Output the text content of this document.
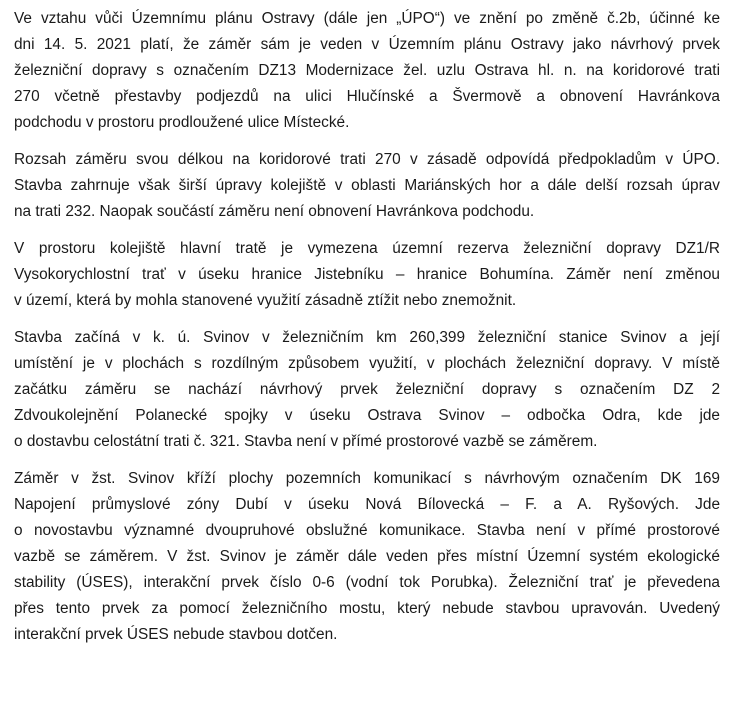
Ve vztahu vůči Územnímu plánu Ostravy (dále jen „ÚPO“) ve znění po změně č.2b, účinné ke
dni 14. 5. 2021 platí, že záměr sám je veden v Územním plánu Ostravy jako návrhový prvek
železniční dopravy s označením DZ13 Modernizace žel. uzlu Ostrava hl. n. na koridorové trati
270 včetně přestavby podjezdů na ulici Hlučínské a Švermově a obnovení Havránkova
podchodu v prostoru prodloužené ulice Místecké.

Rozsah záměru svou délkou na koridorové trati 270 v zásadě odpovídá předpokladům v ÚPO.
Stavba zahrnuje však širší úpravy kolejiště v oblasti Mariánských hor a dále delší rozsah úprav
na trati 232. Naopak součástí záměru není obnovení Havránkova podchodu.

V prostoru kolejiště hlavní tratě je vymezena územní rezerva železniční dopravy DZ1/R
Vysokorychlostní trať v úseku hranice Jistebníku – hranice Bohumína. Záměr není změnou
v území, která by mohla stanovené využití zásadně ztížit nebo znemožnit.

Stavba začíná v k. ú. Svinov v železničním km 260,399 železniční stanice Svinov a její
umístění je v plochách s rozdílným způsobem využití, v plochách železniční dopravy. V místě
začátku záměru se nachází návrhový prvek železniční dopravy s označením DZ 2
Zdvoukolejnění Polanecké spojky v úseku Ostrava Svinov – odbočka Odra, kde jde
o dostavbu celostátní trati č. 321. Stavba není v přímé prostorové vazbě se záměrem.

Záměr v žst. Svinov kříží plochy pozemních komunikací s návrhovým označením DK 169
Napojení průmyslové zóny Dubí v úseku Nová Bílovecká – F. a A. Ryšových. Jde
o novostavbu významné dvoupruhové obslužné komunikace. Stavba není v přímé prostorové
vazbě se záměrem. V žst. Svinov je záměr dále veden přes místní Územní systém ekologické
stability (ÚSES), interakční prvek číslo 0-6 (vodní tok Porubka). Železniční trať je převedena
přes tento prvek za pomocí železničního mostu, který nebude stavbou upravován. Uvedený
interakční prvek ÚSES nebude stavbou dotčen.
